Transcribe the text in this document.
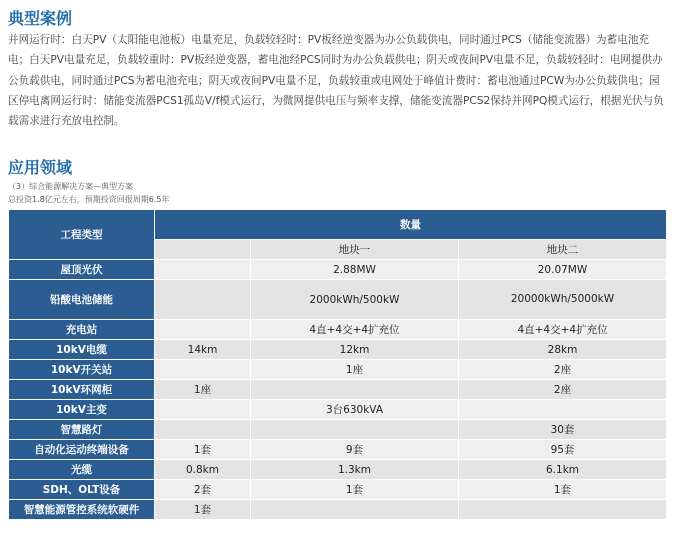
典型案例

并网运行时：白天PV（太阳能电池板）电量充足，负载较轻时：PV板经逆变器为办公负载供电，同时通过PCS（储能变流器）为蓄电池充电；白天PV电量充足，负载较重时：PV板经逆变器，蓄电池经PCS同时为办公负载供电；阴天或夜间PV电量不足，负载较轻时：电网提供办公负载供电，同时通过PCS为蓄电池充电；阴天或夜间PV电量不足，负载较重或电网处于峰值计费时：蓄电池通过PCW为办公负载供电；园区停电离网运行时：储能变流器PCS1孤岛V/f模式运行，为微网提供电压与频率支撑，储能变流器PCS2保持并网PQ模式运行，根据光伏与负载需求进行充放电控制。

应用领域

（3）综合能源解决方案—典型方案

总投资1.8亿元左右，预期投资回报周期6.5年

工程类型	数量		
		地块一	地块二
屋顶光伏		2.88MW	20.07MW
铅酸电池储能		2000kWh/500kW	20000kWh/5000kW
充电站		4直+4交+4扩充位	4直+4交+4扩充位
10kV电缆	14km	12km	28km
10kV开关站		1座	2座
10kV环网柜	1座		2座
10kV主变		3台630kVA	
智慧路灯			30套
自动化运动终端设备	1套	9套	95套
光缆	0.8km	1.3km	6.1km
SDH、OLT设备	2套	1套	1套
智慧能源管控系统软硬件	1套		
